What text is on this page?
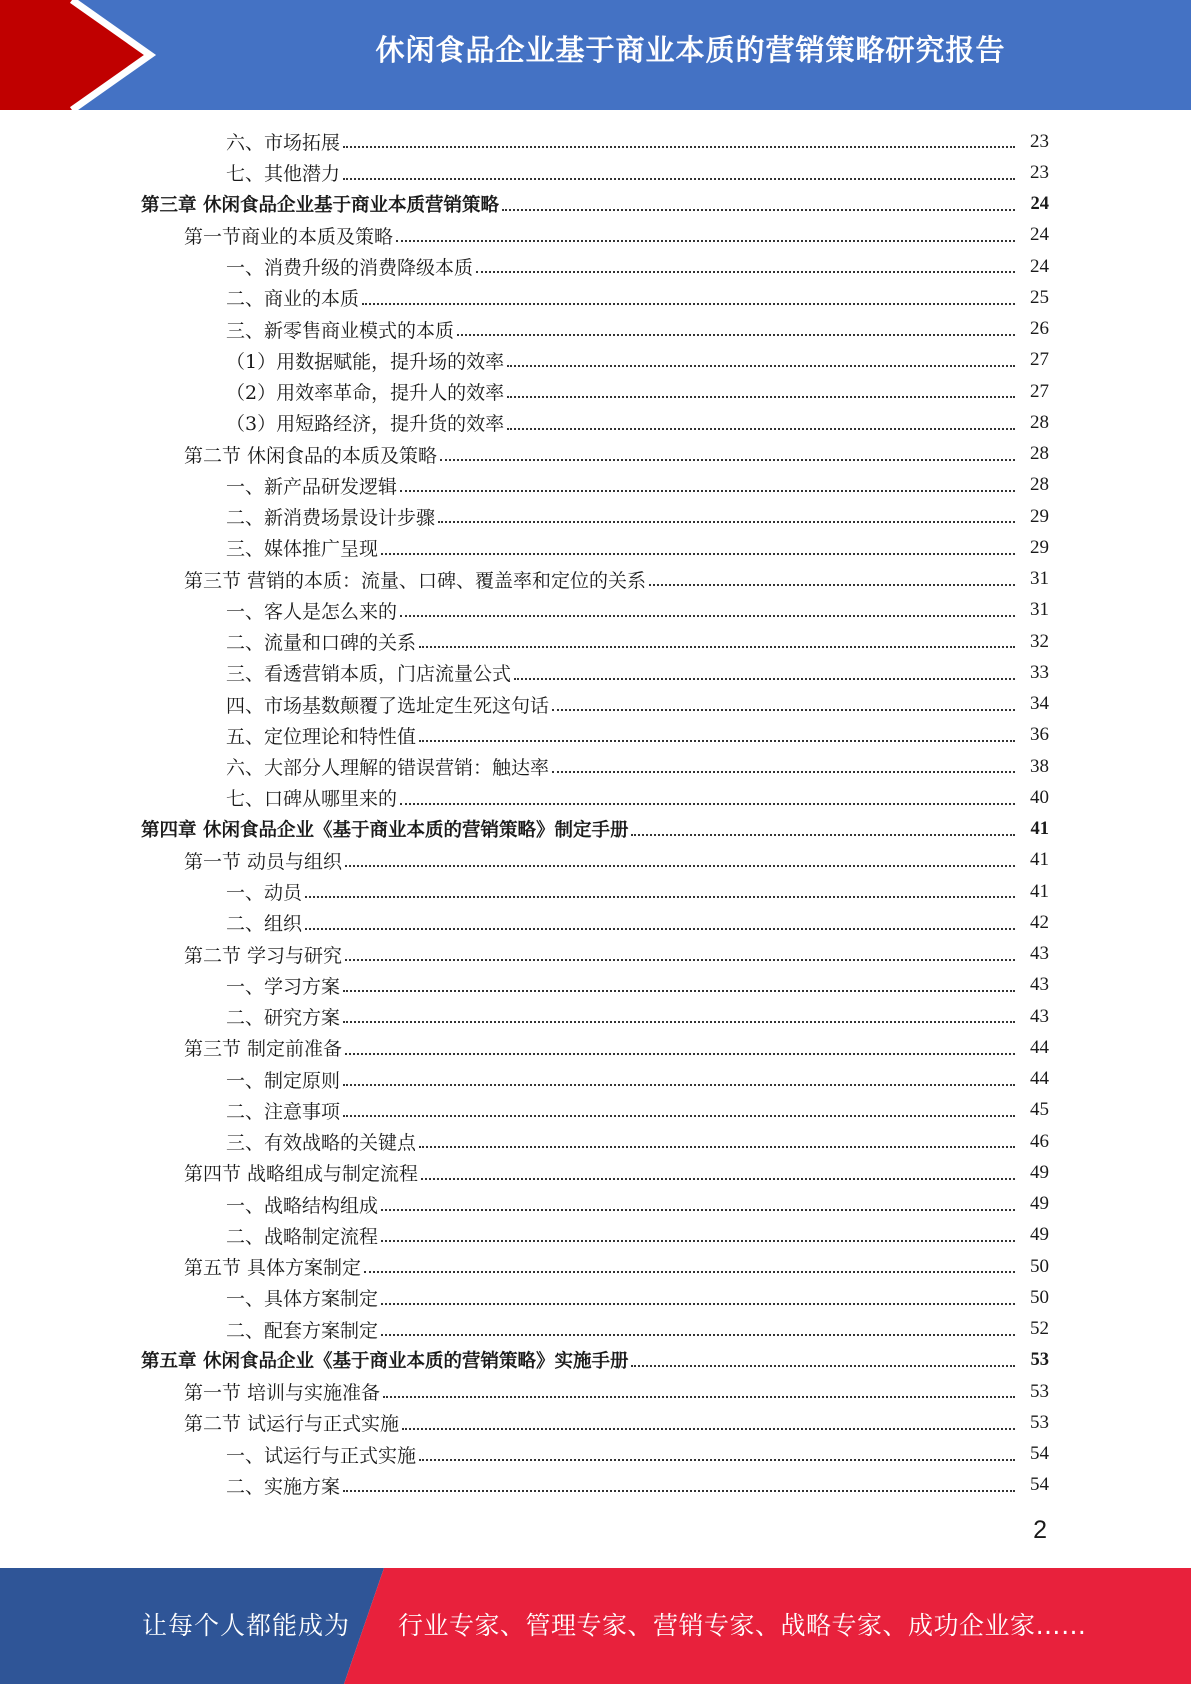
休闲食品企业基于商业本质的营销策略研究报告
六、市场拓展	23
七、其他潜力	23
第三章 休闲食品企业基于商业本质营销策略	24
第一节商业的本质及策略	24
一、消费升级的消费降级本质	24
二、商业的本质	25
三、新零售商业模式的本质	26
（1）用数据赋能，提升场的效率	27
（2）用效率革命，提升人的效率	27
（3）用短路经济，提升货的效率	28
第二节 休闲食品的本质及策略	28
一、新产品研发逻辑	28
二、新消费场景设计步骤	29
三、媒体推广呈现	29
第三节 营销的本质：流量、口碑、覆盖率和定位的关系	31
一、客人是怎么来的	31
二、流量和口碑的关系	32
三、看透营销本质，门店流量公式	33
四、市场基数颠覆了选址定生死这句话	34
五、定位理论和特性值	36
六、大部分人理解的错误营销：触达率	38
七、口碑从哪里来的	40
第四章 休闲食品企业《基于商业本质的营销策略》制定手册	41
第一节 动员与组织	41
一、动员	41
二、组织	42
第二节 学习与研究	43
一、学习方案	43
二、研究方案	43
第三节 制定前准备	44
一、制定原则	44
二、注意事项	45
三、有效战略的关键点	46
第四节 战略组成与制定流程	49
一、战略结构组成	49
二、战略制定流程	49
第五节 具体方案制定	50
一、具体方案制定	50
二、配套方案制定	52
第五章 休闲食品企业《基于商业本质的营销策略》实施手册	53
第一节 培训与实施准备	53
第二节 试运行与正式实施	53
一、试运行与正式实施	54
二、实施方案	54
2
让每个人都能成为 行业专家、管理专家、营销专家、战略专家、成功企业家……
